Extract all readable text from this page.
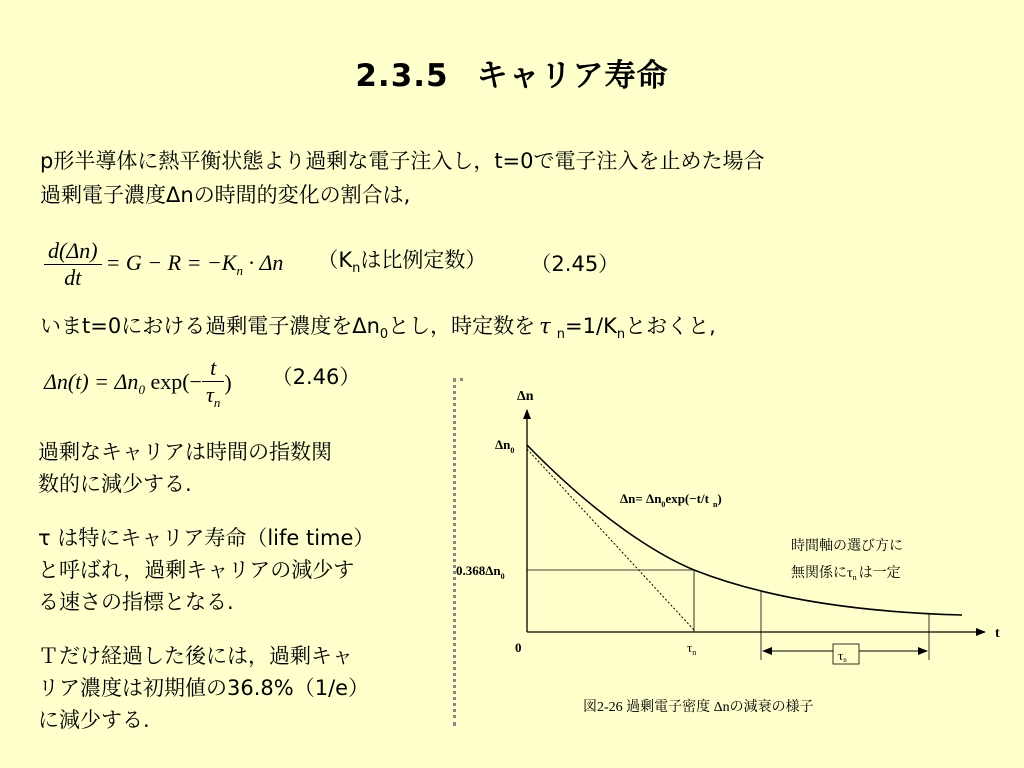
2.3.5 キャリア寿命
p形半導体に熱平衡状態より過剰な電子注入し，t=0で電子注入を止めた場合
過剰電子濃度Δnの時間的変化の割合は,
$\frac{d(\Delta n)}{dt} = G - R = -K_n \cdot \Delta n$ （$K_n$は比例定数） （2.45）
いまt=0における過剰電子濃度を$\Delta n_0$とし，時定数を τ $_n=1/K_n$とおくと,
$\Delta n(t) = \Delta n_0$ $\exp(- \frac{t}{\tau_n}$ ) （2.46）
過剰なキャリアは時間の指数関
数的に減少する.
τ は特にキャリア寿命（life time）
と呼ばれ，過剰キャリアの減少す
る速さの指標となる.
Ｔだけ経過した後には，過剰キャ
リア濃度は初期値の36.8%（1/e）
に減少する.
τn
Δn
t
$\Delta n_0$
$0.368\Delta n_0$
0	$\tau_n$
$\Delta n= \Delta n_0\exp(-t/t$ $_n$)
時間軸の選び方に
無関係に$\tau_n$ は一定
図2-26 過剰電子密度 Δnの減衰の様子
